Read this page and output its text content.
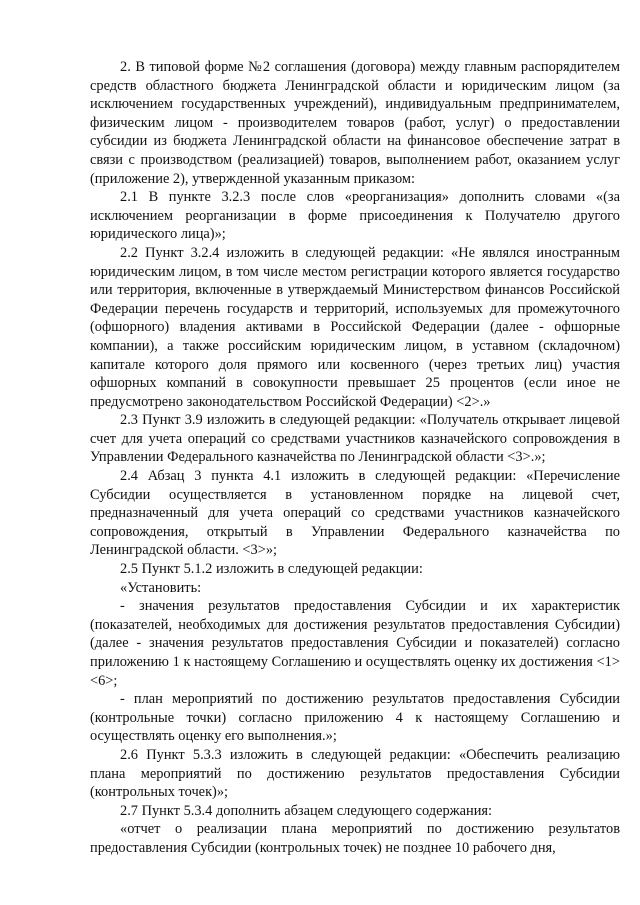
2. В типовой форме №2 соглашения (договора) между главным распорядителем средств областного бюджета Ленинградской области и юридическим лицом (за исключением государственных учреждений), индивидуальным предпринимателем, физическим лицом - производителем товаров (работ, услуг) о предоставлении субсидии из бюджета Ленинградской области на финансовое обеспечение затрат в связи с производством (реализацией) товаров, выполнением работ, оказанием услуг (приложение 2), утвержденной указанным приказом:

2.1 В пункте 3.2.3 после слов «реорганизация» дополнить словами «(за исключением реорганизации в форме присоединения к Получателю другого юридического лица)»;

2.2 Пункт 3.2.4 изложить в следующей редакции: «Не являлся иностранным юридическим лицом, в том числе местом регистрации которого является государство или территория, включенные в утверждаемый Министерством финансов Российской Федерации перечень государств и территорий, используемых для промежуточного (офшорного) владения активами в Российской Федерации (далее - офшорные компании), а также российским юридическим лицом, в уставном (складочном) капитале которого доля прямого или косвенного (через третьих лиц) участия офшорных компаний в совокупности превышает 25 процентов (если иное не предусмотрено законодательством Российской Федерации) <2>.»

2.3 Пункт 3.9 изложить в следующей редакции: «Получатель открывает лицевой счет для учета операций со средствами участников казначейского сопровождения в Управлении Федерального казначейства по Ленинградской области <3>.»;

2.4 Абзац 3 пункта 4.1 изложить в следующей редакции: «Перечисление Субсидии осуществляется в установленном порядке на лицевой счет, предназначенный для учета операций со средствами участников казначейского сопровождения, открытый в Управлении Федерального казначейства по Ленинградской области. <3>»;

2.5 Пункт 5.1.2 изложить в следующей редакции:

«Установить:

- значения результатов предоставления Субсидии и их характеристик (показателей, необходимых для достижения результатов предоставления Субсидии) (далее - значения результатов предоставления Субсидии и показателей) согласно приложению 1 к настоящему Соглашению и осуществлять оценку их достижения <1> <6>;

- план мероприятий по достижению результатов предоставления Субсидии (контрольные точки) согласно приложению 4 к настоящему Соглашению и осуществлять оценку его выполнения.»;

2.6 Пункт 5.3.3 изложить в следующей редакции: «Обеспечить реализацию плана мероприятий по достижению результатов предоставления Субсидии (контрольных точек)»;

2.7 Пункт 5.3.4 дополнить абзацем следующего содержания:

«отчет о реализации плана мероприятий по достижению результатов предоставления Субсидии (контрольных точек) не позднее 10 рабочего дня,
